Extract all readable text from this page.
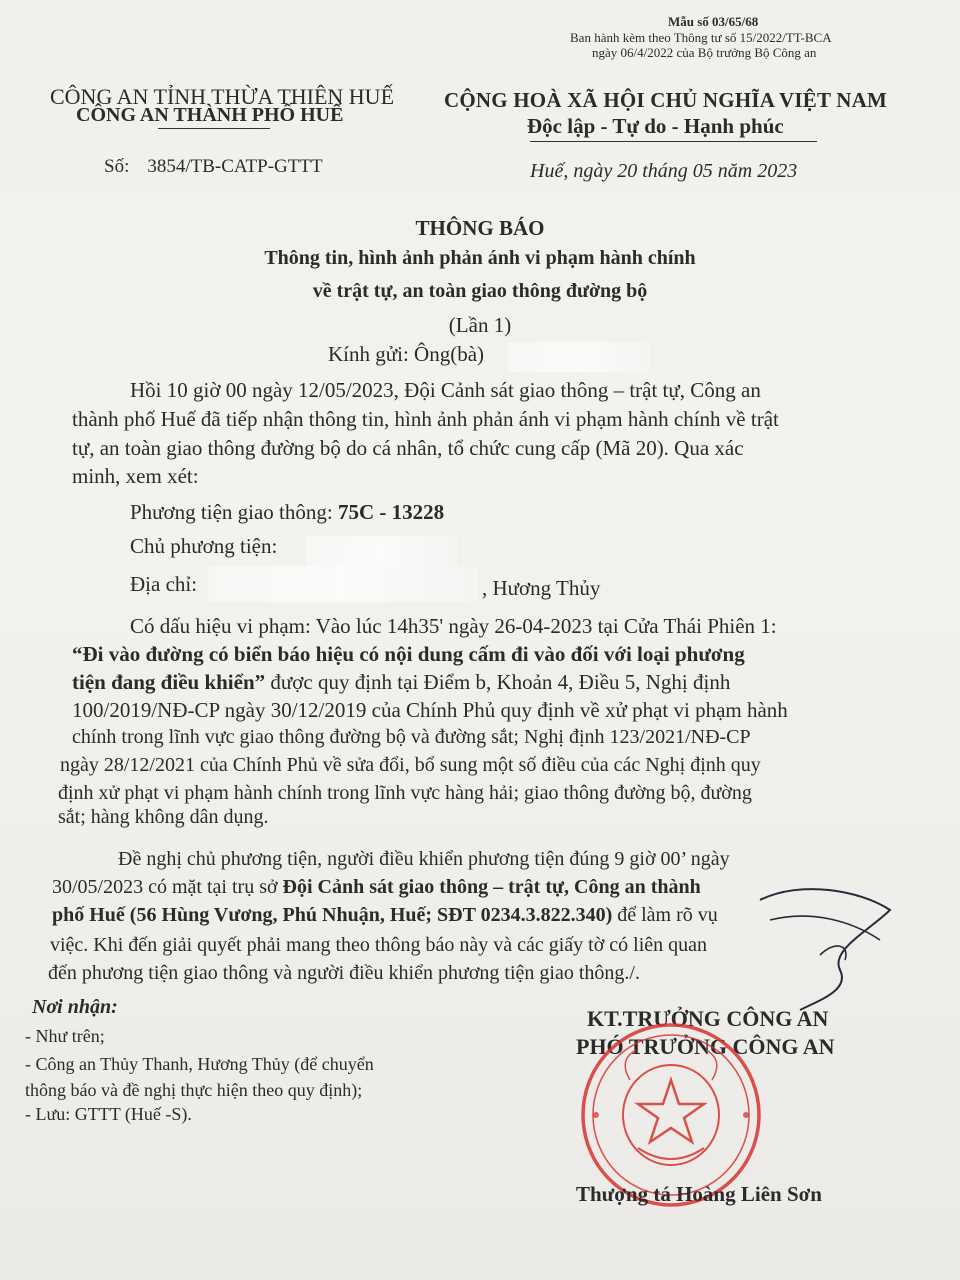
Mẫu số 03/65/68
Ban hành kèm theo Thông tư số 15/2022/TT-BCA
ngày 06/4/2022 của Bộ trưởng Bộ Công an
CÔNG AN TỈNH THỪA THIÊN HUẾ
CÔNG AN THÀNH PHỐ HUẾ
CỘNG HOÀ XÃ HỘI CHỦ NGHĨA VIỆT NAM
Độc lập - Tự do - Hạnh phúc
Số: 3854/TB-CATP-GTTT	Huế, ngày 20 tháng 05 năm 2023
THÔNG BÁO
Thông tin, hình ảnh phản ánh vi phạm hành chính
về trật tự, an toàn giao thông đường bộ
(Lần 1)
Kính gửi: Ông(bà)
Hồi 10 giờ 00 ngày 12/05/2023, Đội Cảnh sát giao thông – trật tự, Công an
thành phố Huế đã tiếp nhận thông tin, hình ảnh phản ánh vi phạm hành chính về trật
tự, an toàn giao thông đường bộ do cá nhân, tổ chức cung cấp (Mã 20). Qua xác
minh, xem xét:
Phương tiện giao thông: 75C - 13228
Chủ phương tiện:
Địa chỉ:	, Hương Thủy
Có dấu hiệu vi phạm: Vào lúc 14h35' ngày 26-04-2023 tại Cửa Thái Phiên 1:
“Đi vào đường có biển báo hiệu có nội dung cấm đi vào đối với loại phương
tiện đang điều khiển” được quy định tại Điểm b, Khoản 4, Điều 5, Nghị định
100/2019/NĐ-CP ngày 30/12/2019 của Chính Phủ quy định về xử phạt vi phạm hành
chính trong lĩnh vực giao thông đường bộ và đường sắt; Nghị định 123/2021/NĐ-CP
ngày 28/12/2021 của Chính Phủ về sửa đổi, bổ sung một số điều của các Nghị định quy
định xử phạt vi phạm hành chính trong lĩnh vực hàng hải; giao thông đường bộ, đường
sắt; hàng không dân dụng.
Đề nghị chủ phương tiện, người điều khiển phương tiện đúng 9 giờ 00’ ngày
30/05/2023 có mặt tại trụ sở Đội Cảnh sát giao thông – trật tự, Công an thành
phố Huế (56 Hùng Vương, Phú Nhuận, Huế; SĐT 0234.3.822.340) để làm rõ vụ
việc. Khi đến giải quyết phải mang theo thông báo này và các giấy tờ có liên quan
đến phương tiện giao thông và người điều khiển phương tiện giao thông./.
Nơi nhận:
- Như trên;
- Công an Thủy Thanh, Hương Thủy (để chuyển
thông báo và đề nghị thực hiện theo quy định);
- Lưu: GTTT (Huế -S).
KT.TRƯỞNG CÔNG AN
PHÓ TRƯỞNG CÔNG AN
Thượng tá Hoàng Liên Sơn
